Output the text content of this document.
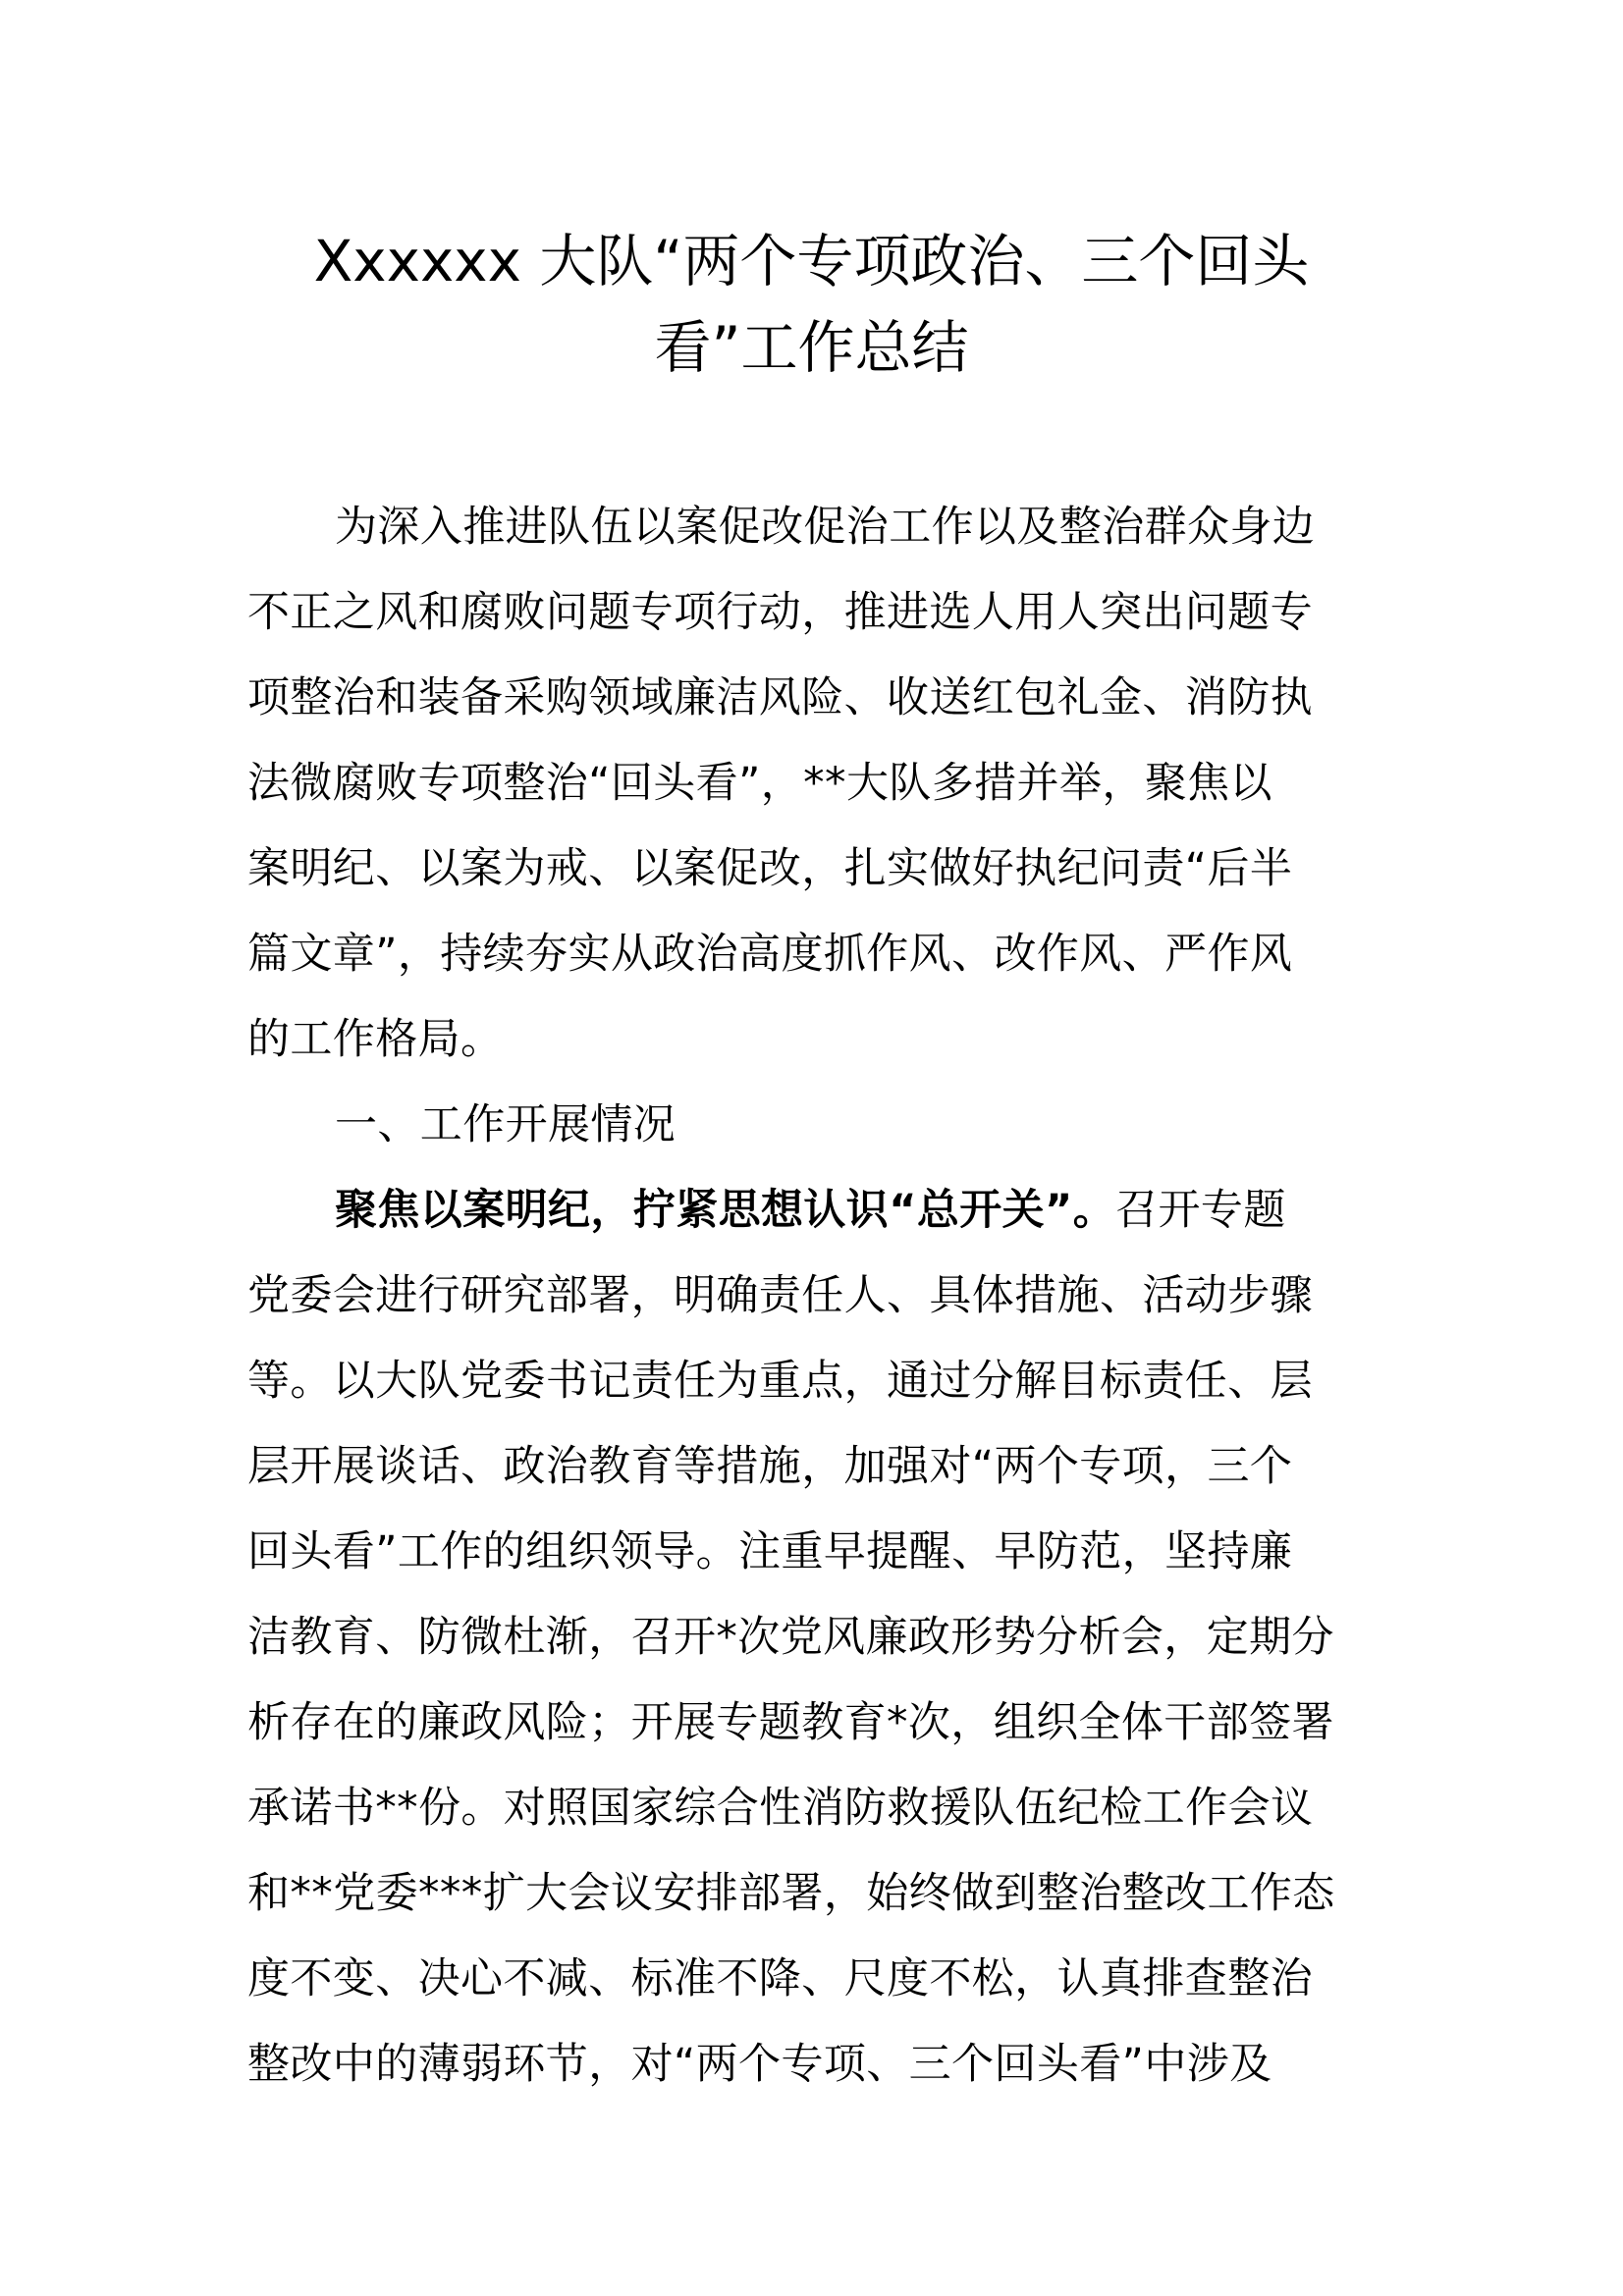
Xxxxxx 大队“两个专项政治、三个回头
看”工作总结
为深入推进队伍以案促改促治工作以及整治群众身边
不正之风和腐败问题专项行动，推进选人用人突出问题专
项整治和装备采购领域廉洁风险、收送红包礼金、消防执
法微腐败专项整治“回头看”，**大队多措并举，聚焦以
案明纪、以案为戒、以案促改，扎实做好执纪问责“后半
篇文章”，持续夯实从政治高度抓作风、改作风、严作风
的工作格局。
一、工作开展情况
聚焦以案明纪，拧紧思想认识“总开关”。召开专题
党委会进行研究部署，明确责任人、具体措施、活动步骤
等。以大队党委书记责任为重点，通过分解目标责任、层
层开展谈话、政治教育等措施，加强对“两个专项，三个
回头看”工作的组织领导。注重早提醒、早防范，坚持廉
洁教育、防微杜渐，召开*次党风廉政形势分析会，定期分
析存在的廉政风险；开展专题教育*次，组织全体干部签署
承诺书**份。对照国家综合性消防救援队伍纪检工作会议
和**党委***扩大会议安排部署，始终做到整治整改工作态
度不变、决心不减、标准不降、尺度不松，认真排查整治
整改中的薄弱环节，对“两个专项、三个回头看”中涉及
